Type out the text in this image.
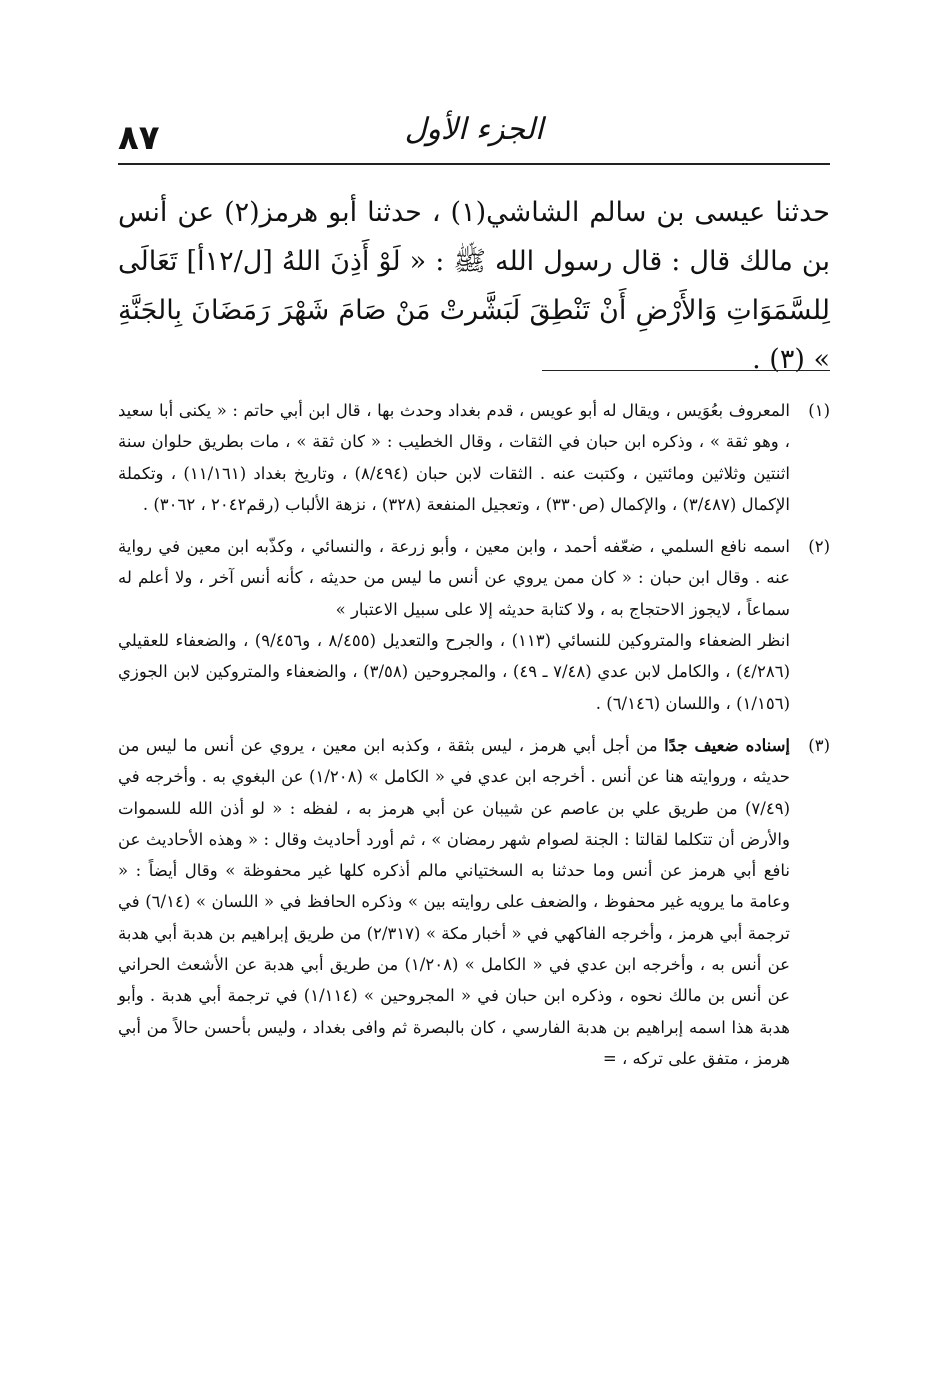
٨٧	الجزء الأول

حدثنا عيسى بن سالم الشاشي(١) ، حدثنا أبو هرمز(٢) عن أنس بن مالك قال : قال رسول الله ﷺ : « لَوْ أَذِنَ اللهُ [ل/١٢أ] تَعَالَى لِلسَّمَوَاتِ وَالأَرْضِ أَنْ تَنْطِقَ لَبَشَّرتْ مَنْ صَامَ شَهْرَ رَمَضَانَ بِالجَنَّةِ » (٣) .

(١)

المعروف بعُوَيس ، ويقال له أبو عويس ، قدم بغداد وحدث بها ، قال ابن أبي حاتم : « يكنى أبا سعيد ، وهو ثقة » ، وذكره ابن حبان في الثقات ، وقال الخطيب : « كان ثقة » ، مات بطريق حلوان سنة اثنتين وثلاثين ومائتين ، وكتبت عنه . الثقات لابن حبان (٨/٤٩٤) ، وتاريخ بغداد (١١/١٦١) ، وتكملة الإكمال (٣/٤٨٧) ، والإكمال (ص٣٣٠) ، وتعجيل المنفعة (٣٢٨) ، نزهة الألباب (رقم٢٠٤٢ ، ٣٠٦٢) .

(٢)

اسمه نافع السلمي ، ضعّفه أحمد ، وابن معين ، وأبو زرعة ، والنسائي ، وكذّبه ابن معين في رواية عنه . وقال ابن حبان : « كان ممن يروي عن أنس ما ليس من حديثه ، كأنه أنس آخر ، ولا أعلم له سماعاً ، لايجوز الاحتجاج به ، ولا كتابة حديثه إلا على سبيل الاعتبار »

انظر الضعفاء والمتروكين للنسائي (١١٣) ، والجرح والتعديل (٨/٤٥٥ ، و٩/٤٥٦) ، والضعفاء للعقيلي (٤/٢٨٦) ، والكامل لابن عدي (٧/٤٨ ـ ٤٩) ، والمجروحين (٣/٥٨) ، والضعفاء والمتروكين لابن الجوزي (١/١٥٦) ، واللسان (٦/١٤٦) .

(٣)

إسناده ضعيف جدًا من أجل أبي هرمز ، ليس بثقة ، وكذبه ابن معين ، يروي عن أنس ما ليس من حديثه ، وروايته هنا عن أنس . أخرجه ابن عدي في « الكامل » (١/٢٠٨) عن البغوي به . وأخرجه في (٧/٤٩) من طريق علي بن عاصم عن شيبان عن أبي هرمز به ، لفظه : « لو أذن الله للسموات والأرض أن تتكلما لقالتا : الجنة لصوام شهر رمضان » ، ثم أورد أحاديث وقال : « وهذه الأحاديث عن نافع أبي هرمز عن أنس وما حدثنا به السختياني مالم أذكره كلها غير محفوظة » وقال أيضاً : « وعامة ما يرويه غير محفوظ ، والضعف على روايته بين » وذكره الحافظ في « اللسان » (٦/١٤) في ترجمة أبي هرمز ، وأخرجه الفاكهي في « أخبار مكة » (٢/٣١٧) من طريق إبراهيم بن هدبة أبي هدبة عن أنس به ، وأخرجه ابن عدي في « الكامل » (١/٢٠٨) من طريق أبي هدبة عن الأشعث الحراني عن أنس بن مالك نحوه ، وذكره ابن حبان في « المجروحين » (١/١١٤) في ترجمة أبي هدبة . وأبو هدبة هذا اسمه إبراهيم بن هدبة الفارسي ، كان بالبصرة ثم وافى بغداد ، وليس بأحسن حالاً من أبي هرمز ، متفق على تركه ، =
